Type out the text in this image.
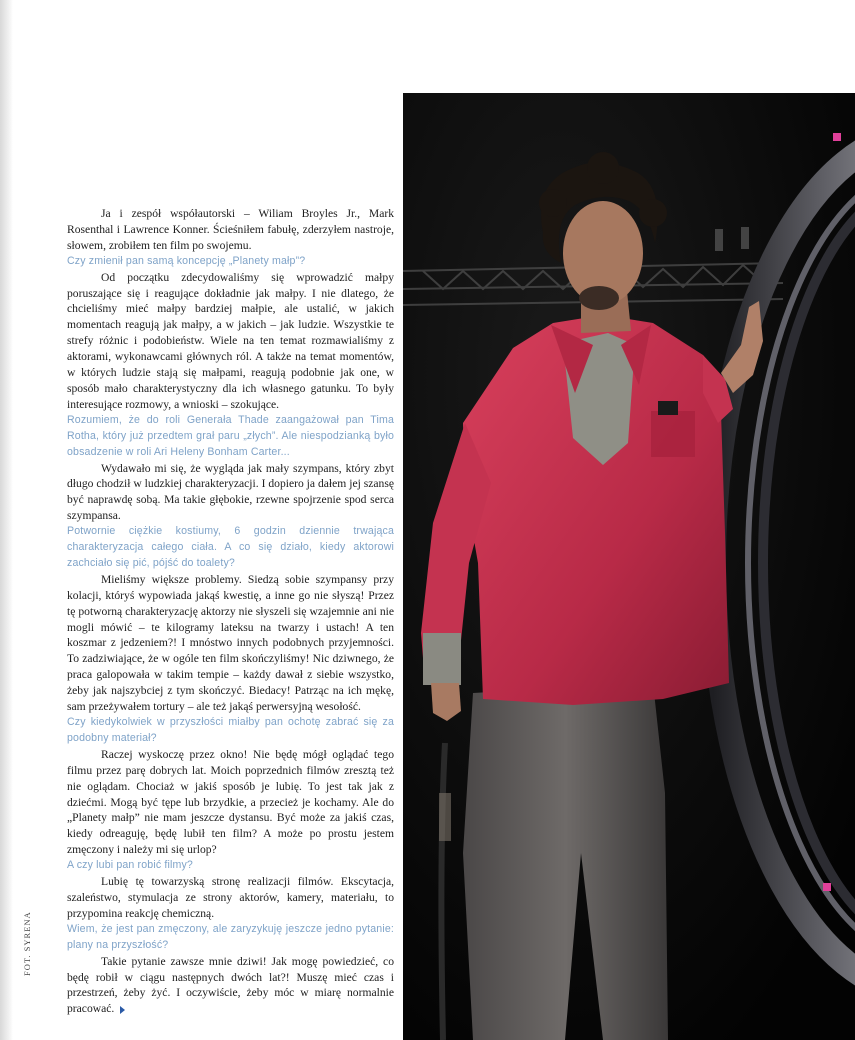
Ja i zespół współautorski – Wiliam Broyles Jr., Mark Rosenthal i Lawrence Konner. Ścieśniłem fabułę, zderzyłem nastroje, słowem, zrobiłem ten film po swojemu.

Czy zmienił pan samą koncepcję „Planety małp”?

Od początku zdecydowaliśmy się wprowadzić małpy poruszające się i reagujące dokładnie jak małpy. I nie dlatego, że chcieliśmy mieć małpy bardziej małpie, ale ustalić, w jakich momentach reagują jak małpy, a w jakich – jak ludzie. Wszystkie te strefy różnic i podobieństw. Wiele na ten temat rozmawialiśmy z aktorami, wykonawcami głównych ról. A także na temat momentów, w których ludzie stają się małpami, reagują podobnie jak one, w sposób mało charakterystyczny dla ich własnego gatunku. To były interesujące rozmowy, a wnioski – szokujące.

Rozumiem, że do roli Generała Thade zaangażował pan Tima Rotha, który już przedtem grał paru „złych”. Ale niespodzianką było obsadzenie w roli Ari Heleny Bonham Carter...

Wydawało mi się, że wygląda jak mały szympans, który zbyt długo chodził w ludzkiej charakteryzacji. I dopiero ja dałem jej szansę być naprawdę sobą. Ma takie głębokie, rzewne spojrzenie spod serca szympansa.

Potwornie ciężkie kostiumy, 6 godzin dziennie trwająca charakteryzacja całego ciała. A co się działo, kiedy aktorowi zachciało się pić, pójść do toalety?

Mieliśmy większe problemy. Siedzą sobie szympansy przy kolacji, któryś wypowiada jakąś kwestię, a inne go nie słyszą! Przez tę potworną charakteryzację aktorzy nie słyszeli się wzajemnie ani nie mogli mówić – te kilogramy lateksu na twarzy i ustach! A ten koszmar z jedzeniem?! I mnóstwo innych podobnych przyjemności. To zadziwiające, że w ogóle ten film skończyliśmy! Nic dziwnego, że praca galopowała w takim tempie – każdy dawał z siebie wszystko, żeby jak najszybciej z tym skończyć. Biedacy! Patrząc na ich mękę, sam przeżywałem tortury – ale też jakąś perwersyjną wesołość.

Czy kiedykolwiek w przyszłości miałby pan ochotę zabrać się za podobny materiał?

Raczej wyskoczę przez okno! Nie będę mógł oglądać tego filmu przez parę dobrych lat. Moich poprzednich filmów zresztą też nie oglądam. Chociaż w jakiś sposób je lubię. To jest tak jak z dziećmi. Mogą być tępe lub brzydkie, a przecież je kochamy. Ale do „Planety małp” nie mam jeszcze dystansu. Być może za jakiś czas, kiedy odreaguję, będę lubił ten film? A może po prostu jestem zmęczony i należy mi się urlop?

A czy lubi pan robić filmy?

Lubię tę towarzyską stronę realizacji filmów. Ekscytacja, szaleństwo, stymulacja ze strony aktorów, kamery, materiału, to przypomina reakcję chemiczną.

Wiem, że jest pan zmęczony, ale zaryzykuję jeszcze jedno pytanie: plany na przyszłość?

Takie pytanie zawsze mnie dziwi! Jak mogę powiedzieć, co będę robił w ciągu następnych dwóch lat?! Muszę mieć czas i przestrzeń, żeby żyć. I oczywiście, żeby móc w miarę normalnie pracować.

FOT. SYRENA
